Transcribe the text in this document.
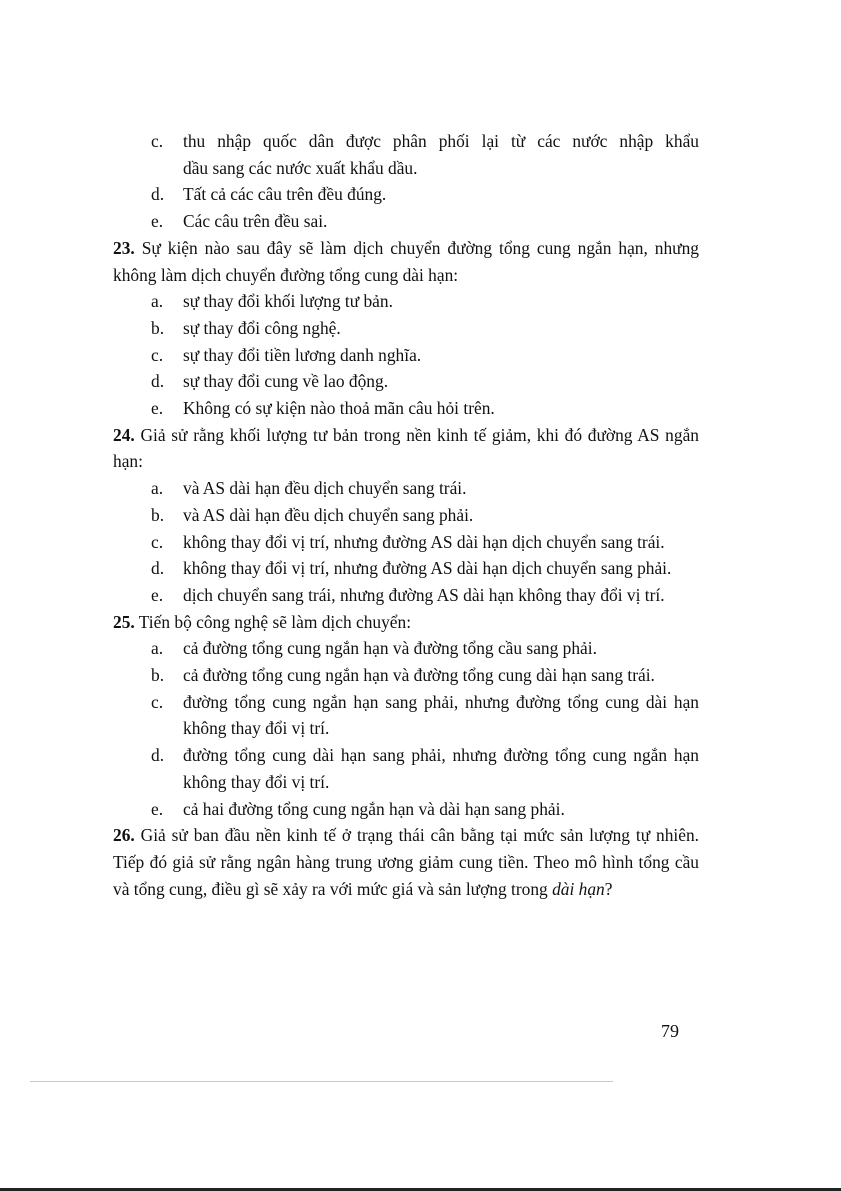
c. thu nhập quốc dân được phân phối lại từ các nước nhập khẩu
dầu sang các nước xuất khẩu dầu.
d. Tất cả các câu trên đều đúng.
e. Các câu trên đều sai.
23. Sự kiện nào sau đây sẽ làm dịch chuyển đường tổng cung ngắn hạn, nhưng không làm dịch chuyển đường tổng cung dài hạn:
a. sự thay đổi khối lượng tư bản.
b. sự thay đổi công nghệ.
c. sự thay đổi tiền lương danh nghĩa.
d. sự thay đổi cung về lao động.
e. Không có sự kiện nào thoả mãn câu hỏi trên.
24. Giả sử rằng khối lượng tư bản trong nền kinh tế giảm, khi đó đường AS ngắn hạn:
a. và AS dài hạn đều dịch chuyển sang trái.
b. và AS dài hạn đều dịch chuyển sang phải.
c. không thay đổi vị trí, nhưng đường AS dài hạn dịch chuyển sang trái.
d. không thay đổi vị trí, nhưng đường AS dài hạn dịch chuyển sang phải.
e. dịch chuyển sang trái, nhưng đường AS dài hạn không thay đổi vị trí.
25. Tiến bộ công nghệ sẽ làm dịch chuyển:
a. cả đường tổng cung ngắn hạn và đường tổng cầu sang phải.
b. cả đường tổng cung ngắn hạn và đường tổng cung dài hạn sang trái.
c. đường tổng cung ngắn hạn sang phải, nhưng đường tổng cung dài hạn không thay đổi vị trí.
d. đường tổng cung dài hạn sang phải, nhưng đường tổng cung ngắn hạn không thay đổi vị trí.
e. cả hai đường tổng cung ngắn hạn và dài hạn sang phải.
26. Giả sử ban đầu nền kinh tế ở trạng thái cân bằng tại mức sản lượng tự nhiên. Tiếp đó giả sử rằng ngân hàng trung ương giảm cung tiền. Theo mô hình tổng cầu và tổng cung, điều gì sẽ xảy ra với mức giá và sản lượng trong dài hạn?
79
